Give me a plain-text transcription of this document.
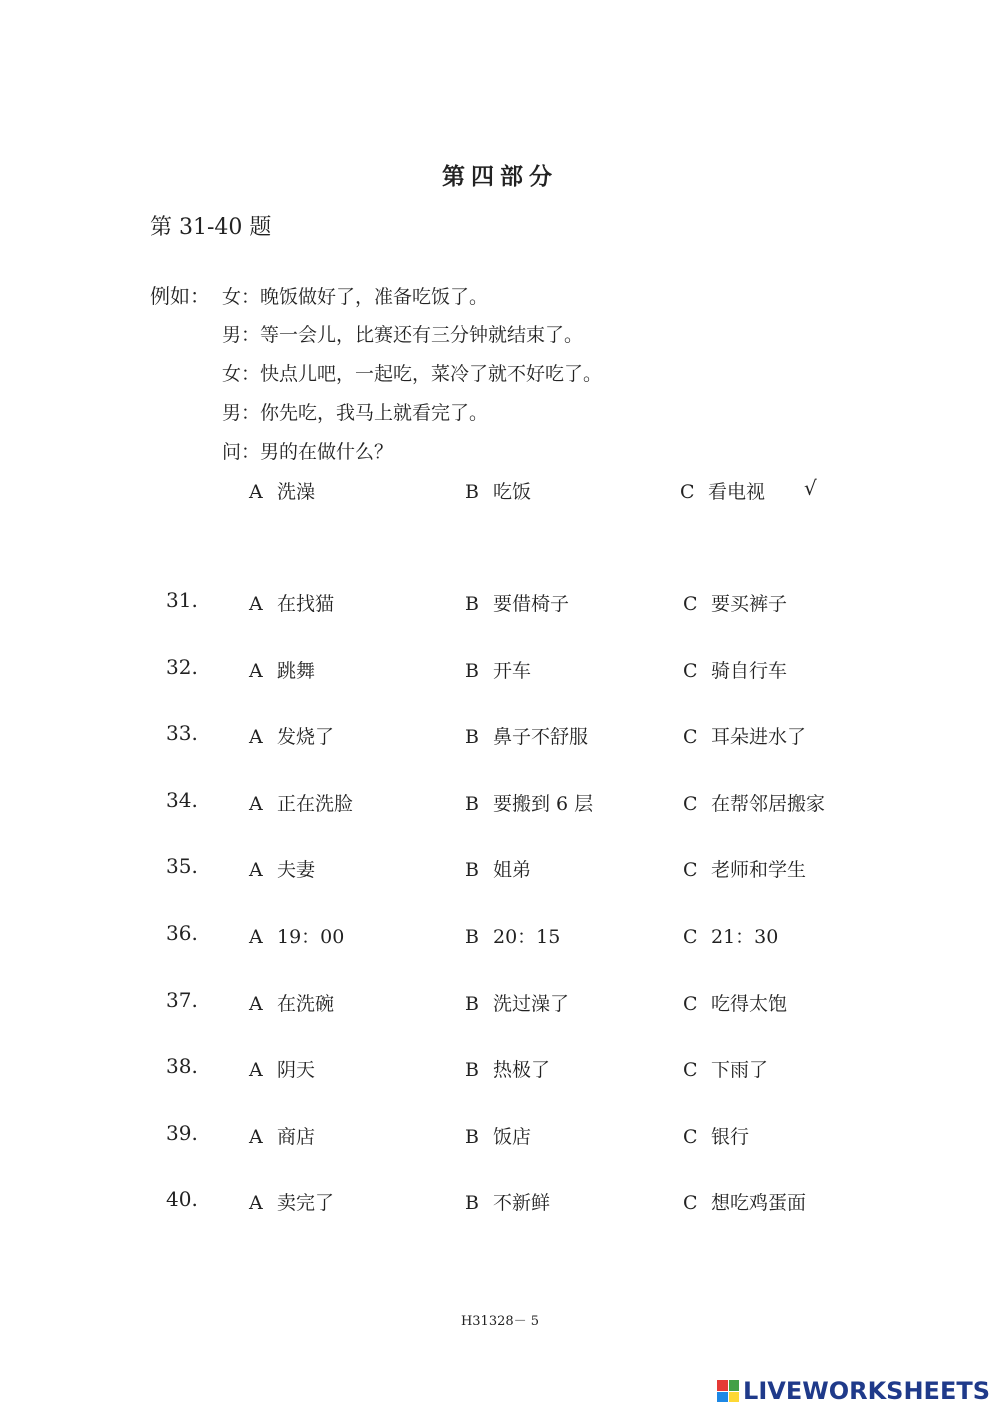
第四部分
第 31-40 题
例如： 女：晚饭做好了，准备吃饭了。
男：等一会儿，比赛还有三分钟就结束了。
女：快点儿吧，一起吃，菜冷了就不好吃了。
男：你先吃，我马上就看完了。
问：男的在做什么？
A 洗澡	B 吃饭	C 看电视 √
31.	A 在找猫	B 要借椅子	C 要买裤子
32.	A 跳舞	B 开车	C 骑自行车
33.	A 发烧了	B 鼻子不舒服	C 耳朵进水了
34.	A 正在洗脸	B 要搬到 6 层	C 在帮邻居搬家
35.	A 夫妻	B 姐弟	C 老师和学生
36.	A 19：00	B 20：15	C 21：30
37.	A 在洗碗	B 洗过澡了	C 吃得太饱
38.	A 阴天	B 热极了	C 下雨了
39.	A 商店	B 饭店	C 银行
40.	A 卖完了	B 不新鲜	C 想吃鸡蛋面
H31328－ 5
LIVEWORKSHEETS
